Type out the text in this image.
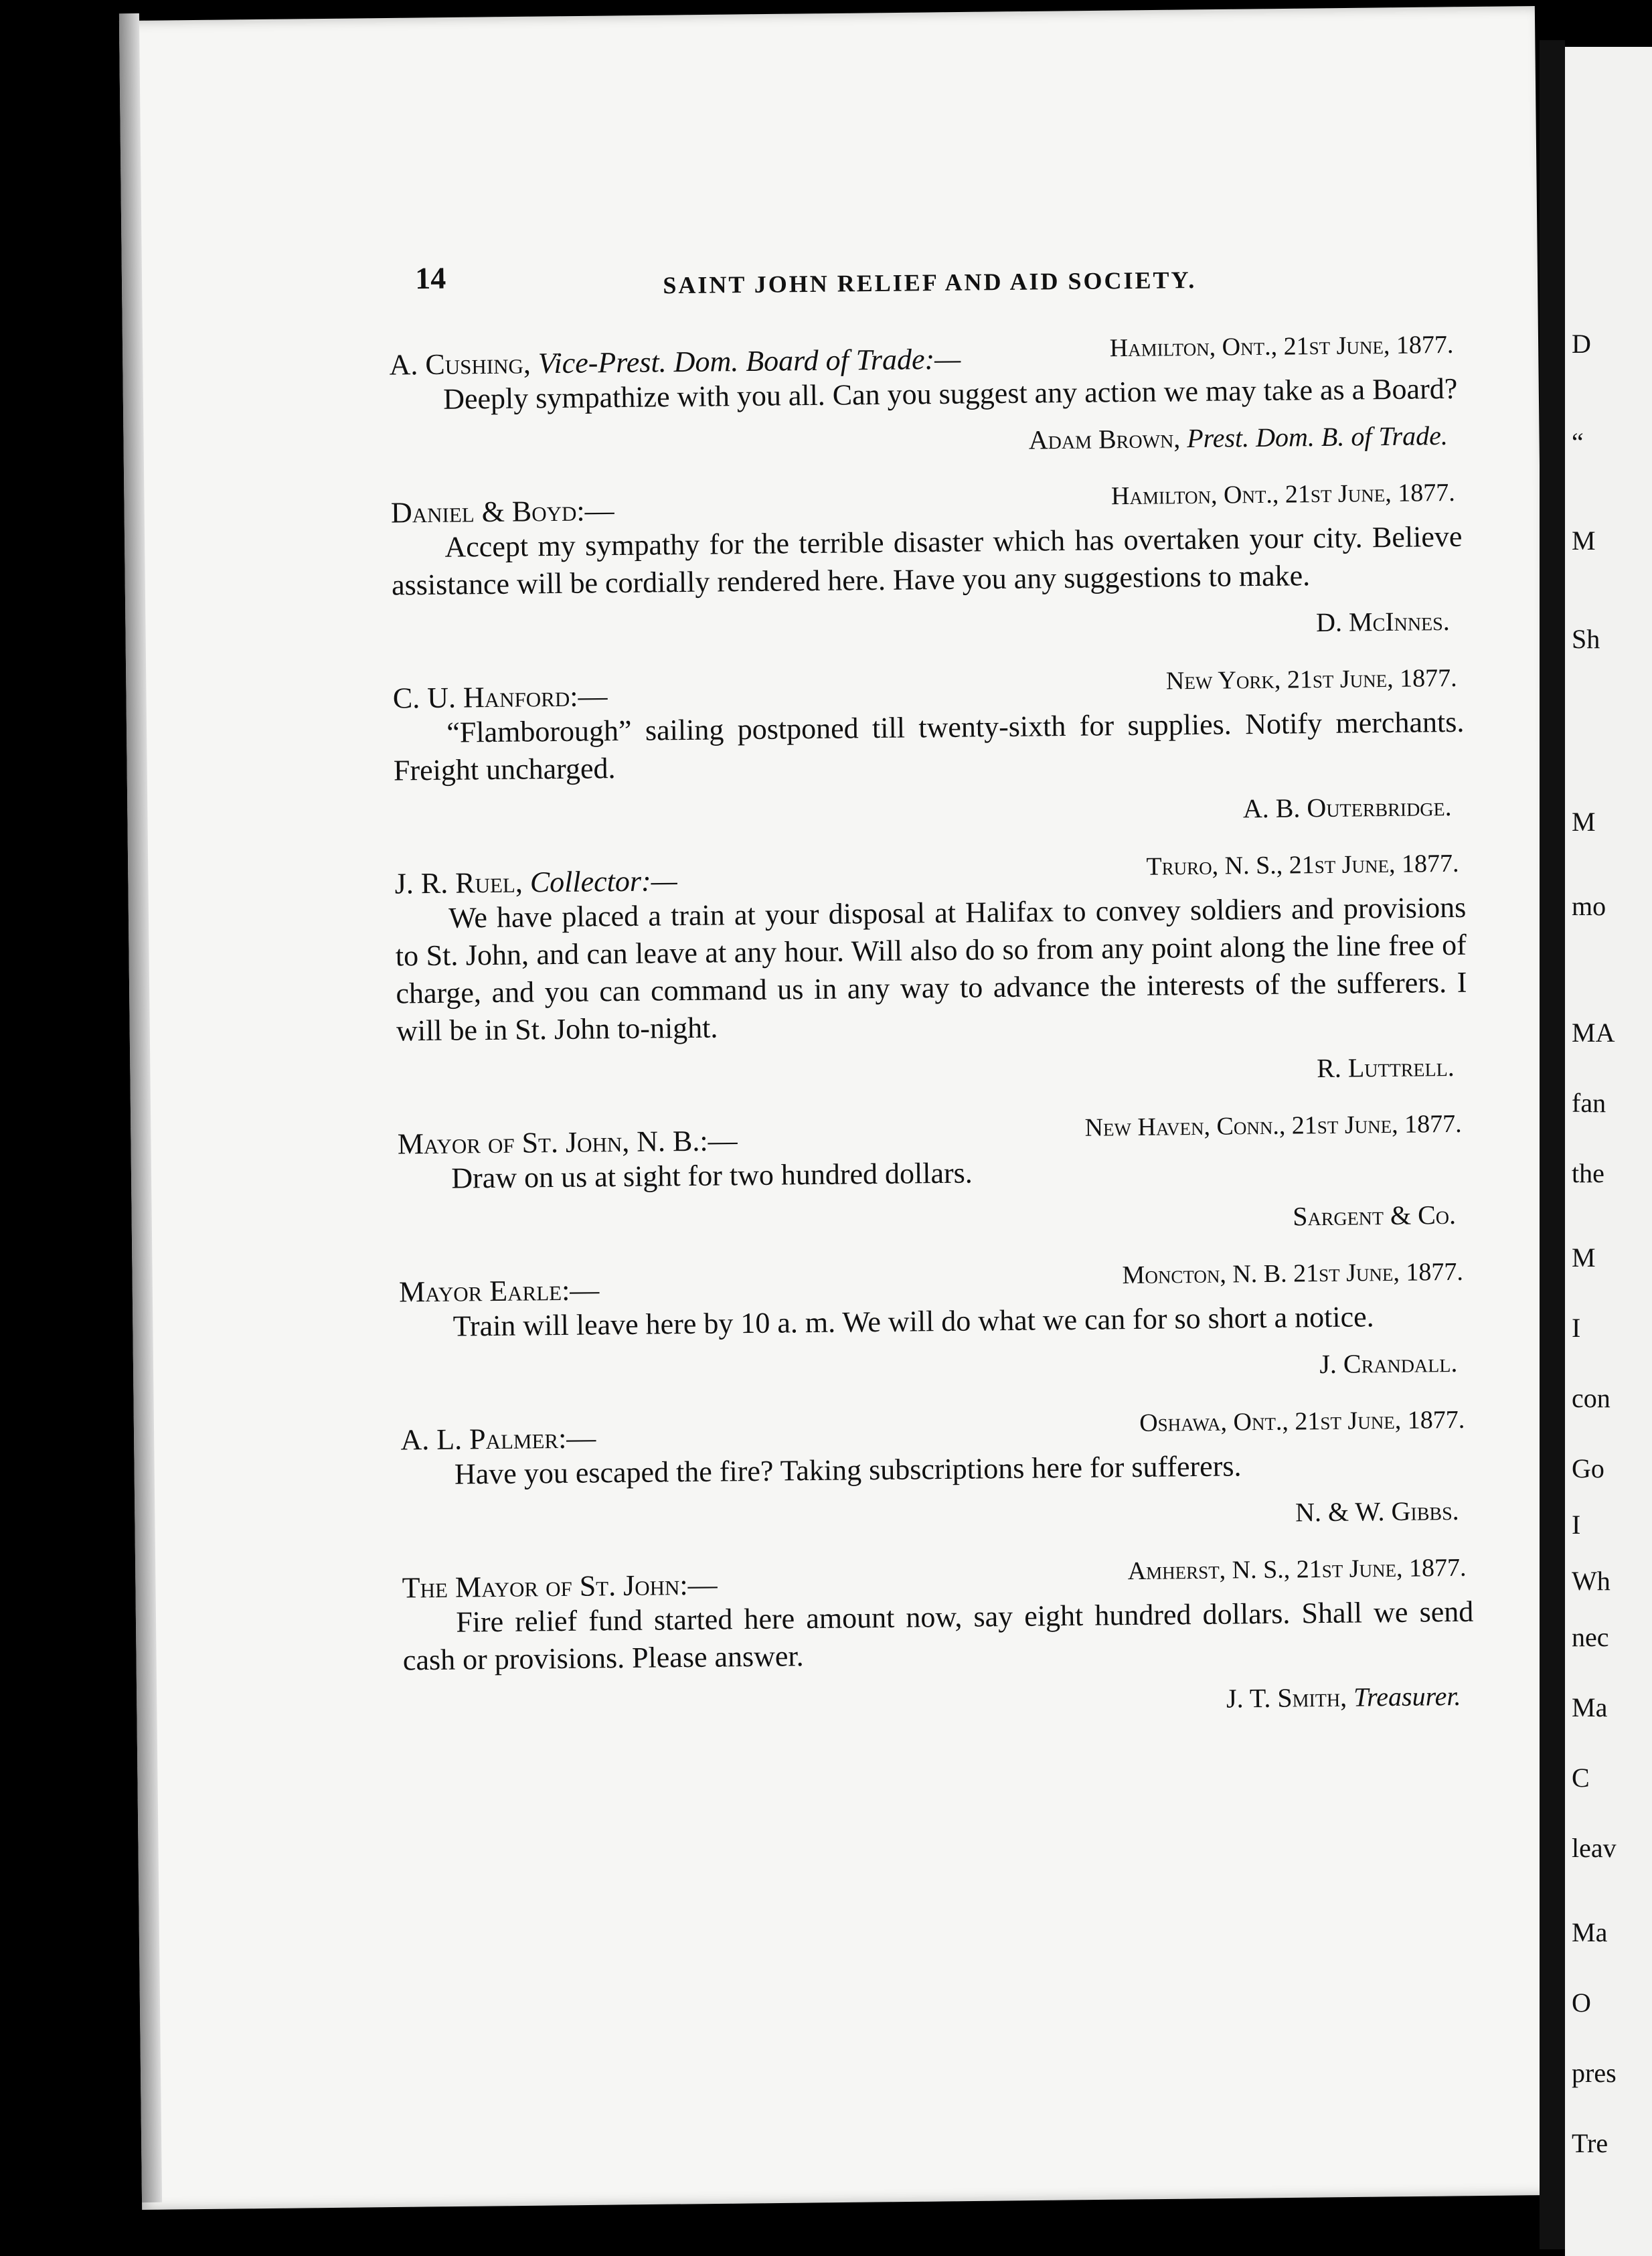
D
“
M
Sh
M
mo
MA
fan
the
M
I
con
Go
I
Wh
nec
Ma
C
leav
Ma
O
pres
Tre
14	SAINT JOHN RELIEF AND AID SOCIETY.
A. Cushing, Vice-Prest. Dom. Board of Trade:—	Hamilton, Ont., 21st June, 1877.

Deeply sympathize with you all. Can you suggest any action we may take as a Board?

Adam Brown, Prest. Dom. B. of Trade.
Daniel & Boyd:—	Hamilton, Ont., 21st June, 1877.

Accept my sympathy for the terrible disaster which has overtaken your city. Believe assistance will be cordially rendered here. Have you any suggestions to make.

D. McInnes.
C. U. Hanford:—
New York, 21st June, 1877.

“Flamborough” sailing postponed till twenty-sixth for supplies. Notify merchants. Freight uncharged.

A. B. Outerbridge.
J. R. Ruel, Collector:—	Truro, N. S., 21st June, 1877.

We have placed a train at your disposal at Halifax to convey soldiers and provisions to St. John, and can leave at any hour. Will also do so from any point along the line free of charge, and you can command us in any way to advance the interests of the sufferers. I will be in St. John to-night.

R. Luttrell.
Mayor of St. John, N. B.:—	New Haven, Conn., 21st June, 1877.

Draw on us at sight for two hundred dollars.

Sargent & Co.
Mayor Earle:—	Moncton, N. B. 21st June, 1877.

Train will leave here by 10 a. m. We will do what we can for so short a notice.

J. Crandall.
A. L. Palmer:—
Oshawa, Ont., 21st June, 1877.

Have you escaped the fire? Taking subscriptions here for sufferers.

N. & W. Gibbs.
The Mayor of St. John:—	Amherst, N. S., 21st June, 1877.

Fire relief fund started here amount now, say eight hundred dollars. Shall we send cash or provisions. Please answer.

J. T. Smith, Treasurer.
